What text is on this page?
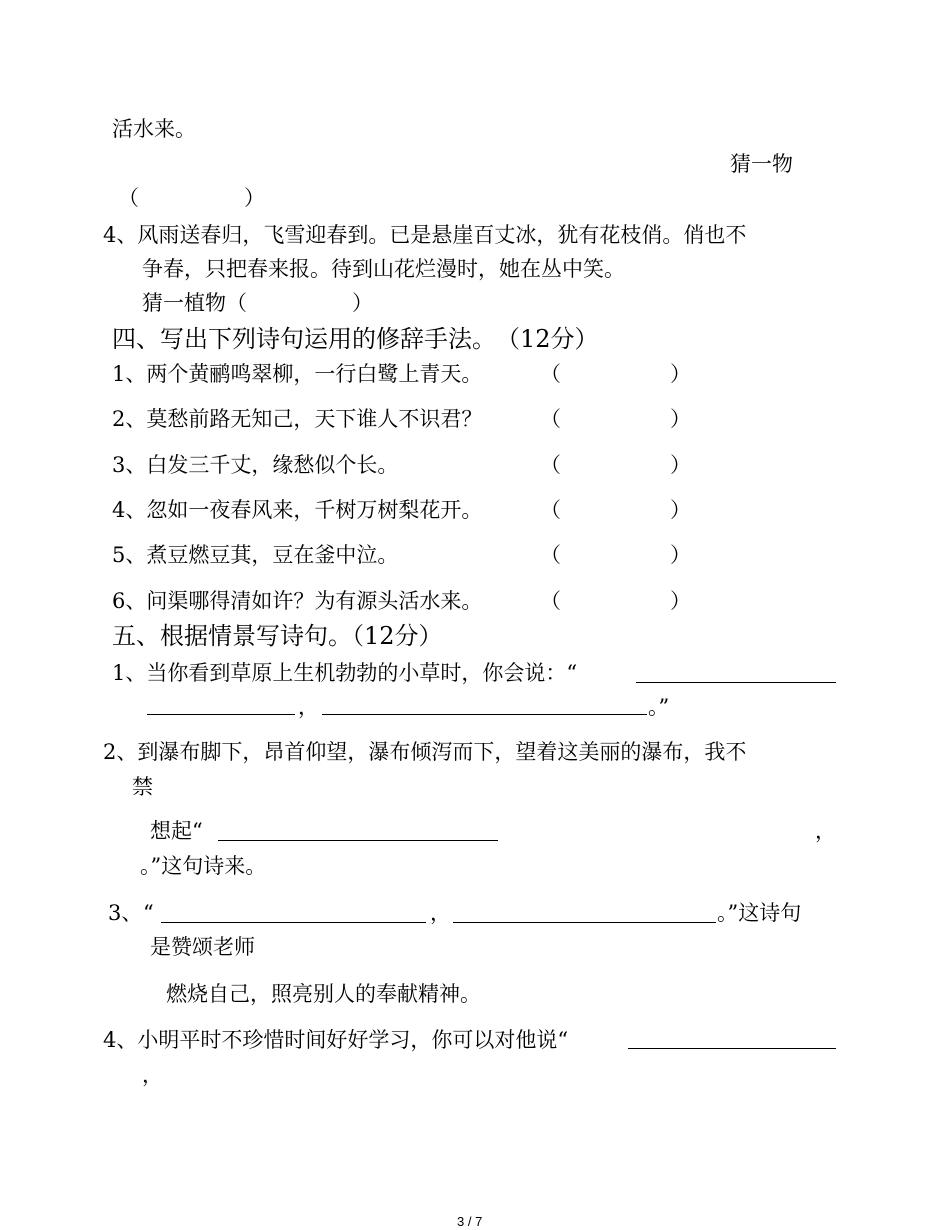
活水来。
猜一物
（　　　　　）
4、风雨送春归，飞雪迎春到。已是悬崖百丈冰，犹有花枝俏。俏也不
争春，只把春来报。待到山花烂漫时，她在丛中笑。
猜一植物（　　　　　）
四、写出下列诗句运用的修辞手法。　（12分）
1、两个黄鹂鸣翠柳，一行白鹭上青天。	（	）
2、莫愁前路无知己，天下谁人不识君？	（	）
3、白发三千丈，缘愁似个长。	（	）
4、忽如一夜春风来，千树万树梨花开。	（	）
5、煮豆燃豆萁，豆在釜中泣。	（	）
6、问渠哪得清如许？为有源头活水来。	（	）
五、根据情景写诗句。（12分）
1、当你看到草原上生机勃勃的小草时，你会说：“
，	。”
2、到瀑布脚下，昂首仰望，瀑布倾泻而下，望着这美丽的瀑布，我不
禁
想起“	，
。”这句诗来。
3、 “	，	。”这诗句
是赞颂老师
燃烧自己，照亮别人的奉献精神。
4、小明平时不珍惜时间好好学习，你可以对他说“
，
3 / 7
